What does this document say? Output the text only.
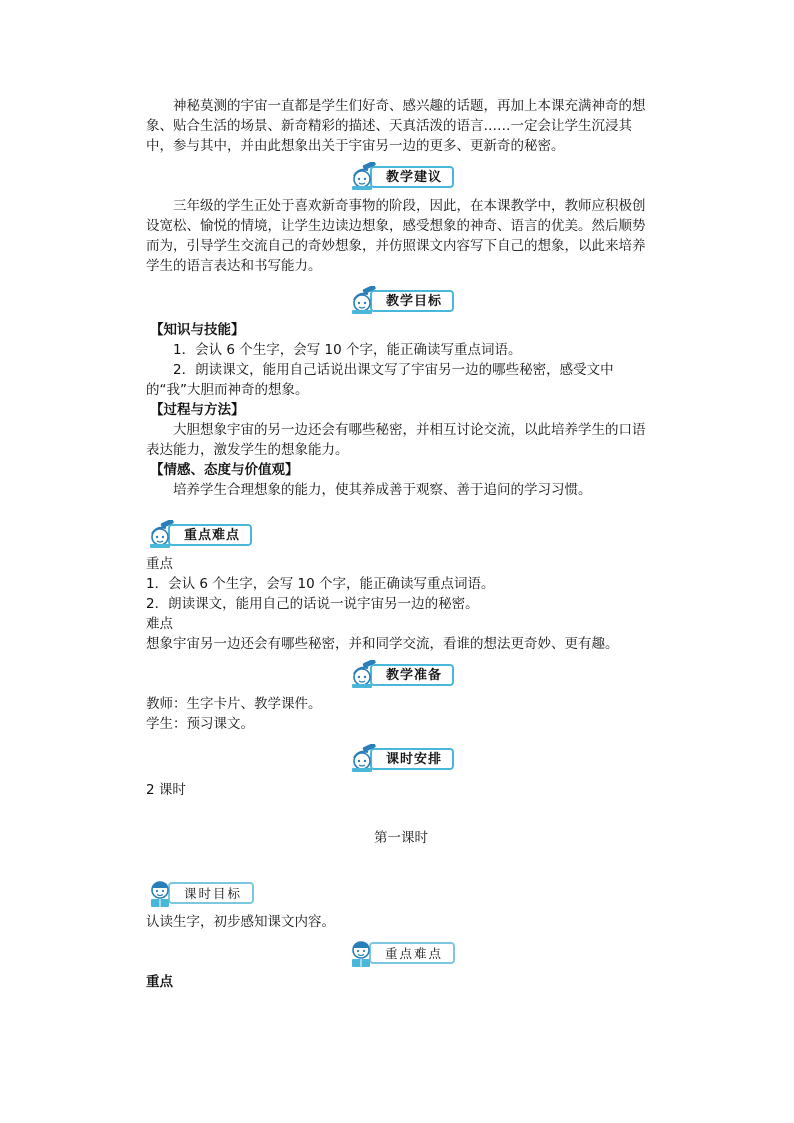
神秘莫测的宇宙一直都是学生们好奇、感兴趣的话题，再加上本课充满神奇的想象、贴合生活的场景、新奇精彩的描述、天真活泼的语言……一定会让学生沉浸其中，参与其中，并由此想象出关于宇宙另一边的更多、更新奇的秘密。

教学建议

三年级的学生正处于喜欢新奇事物的阶段，因此，在本课教学中，教师应积极创设宽松、愉悦的情境，让学生边读边想象，感受想象的神奇、语言的优美。然后顺势而为，引导学生交流自己的奇妙想象，并仿照课文内容写下自己的想象，以此来培养学生的语言表达和书写能力。

教学目标

【知识与技能】

1．会认 6 个生字，会写 10 个字，能正确读写重点词语。

2．朗读课文，能用自己话说出课文写了宇宙另一边的哪些秘密，感受文中的“我”大胆而神奇的想象。

【过程与方法】

大胆想象宇宙的另一边还会有哪些秘密，并相互讨论交流，以此培养学生的口语表达能力，激发学生的想象能力。

【情感、态度与价值观】

培养学生合理想象的能力，使其养成善于观察、善于追问的学习习惯。

重点难点

重点

1．会认 6 个生字，会写 10 个字，能正确读写重点词语。

2．朗读课文，能用自己的话说一说宇宙另一边的秘密。

难点

想象宇宙另一边还会有哪些秘密，并和同学交流，看谁的想法更奇妙、更有趣。

教学准备

教师：生字卡片、教学课件。

学生：预习课文。

课时安排

2 课时

第一课时

课时目标

认读生字，初步感知课文内容。

重点难点

重点
